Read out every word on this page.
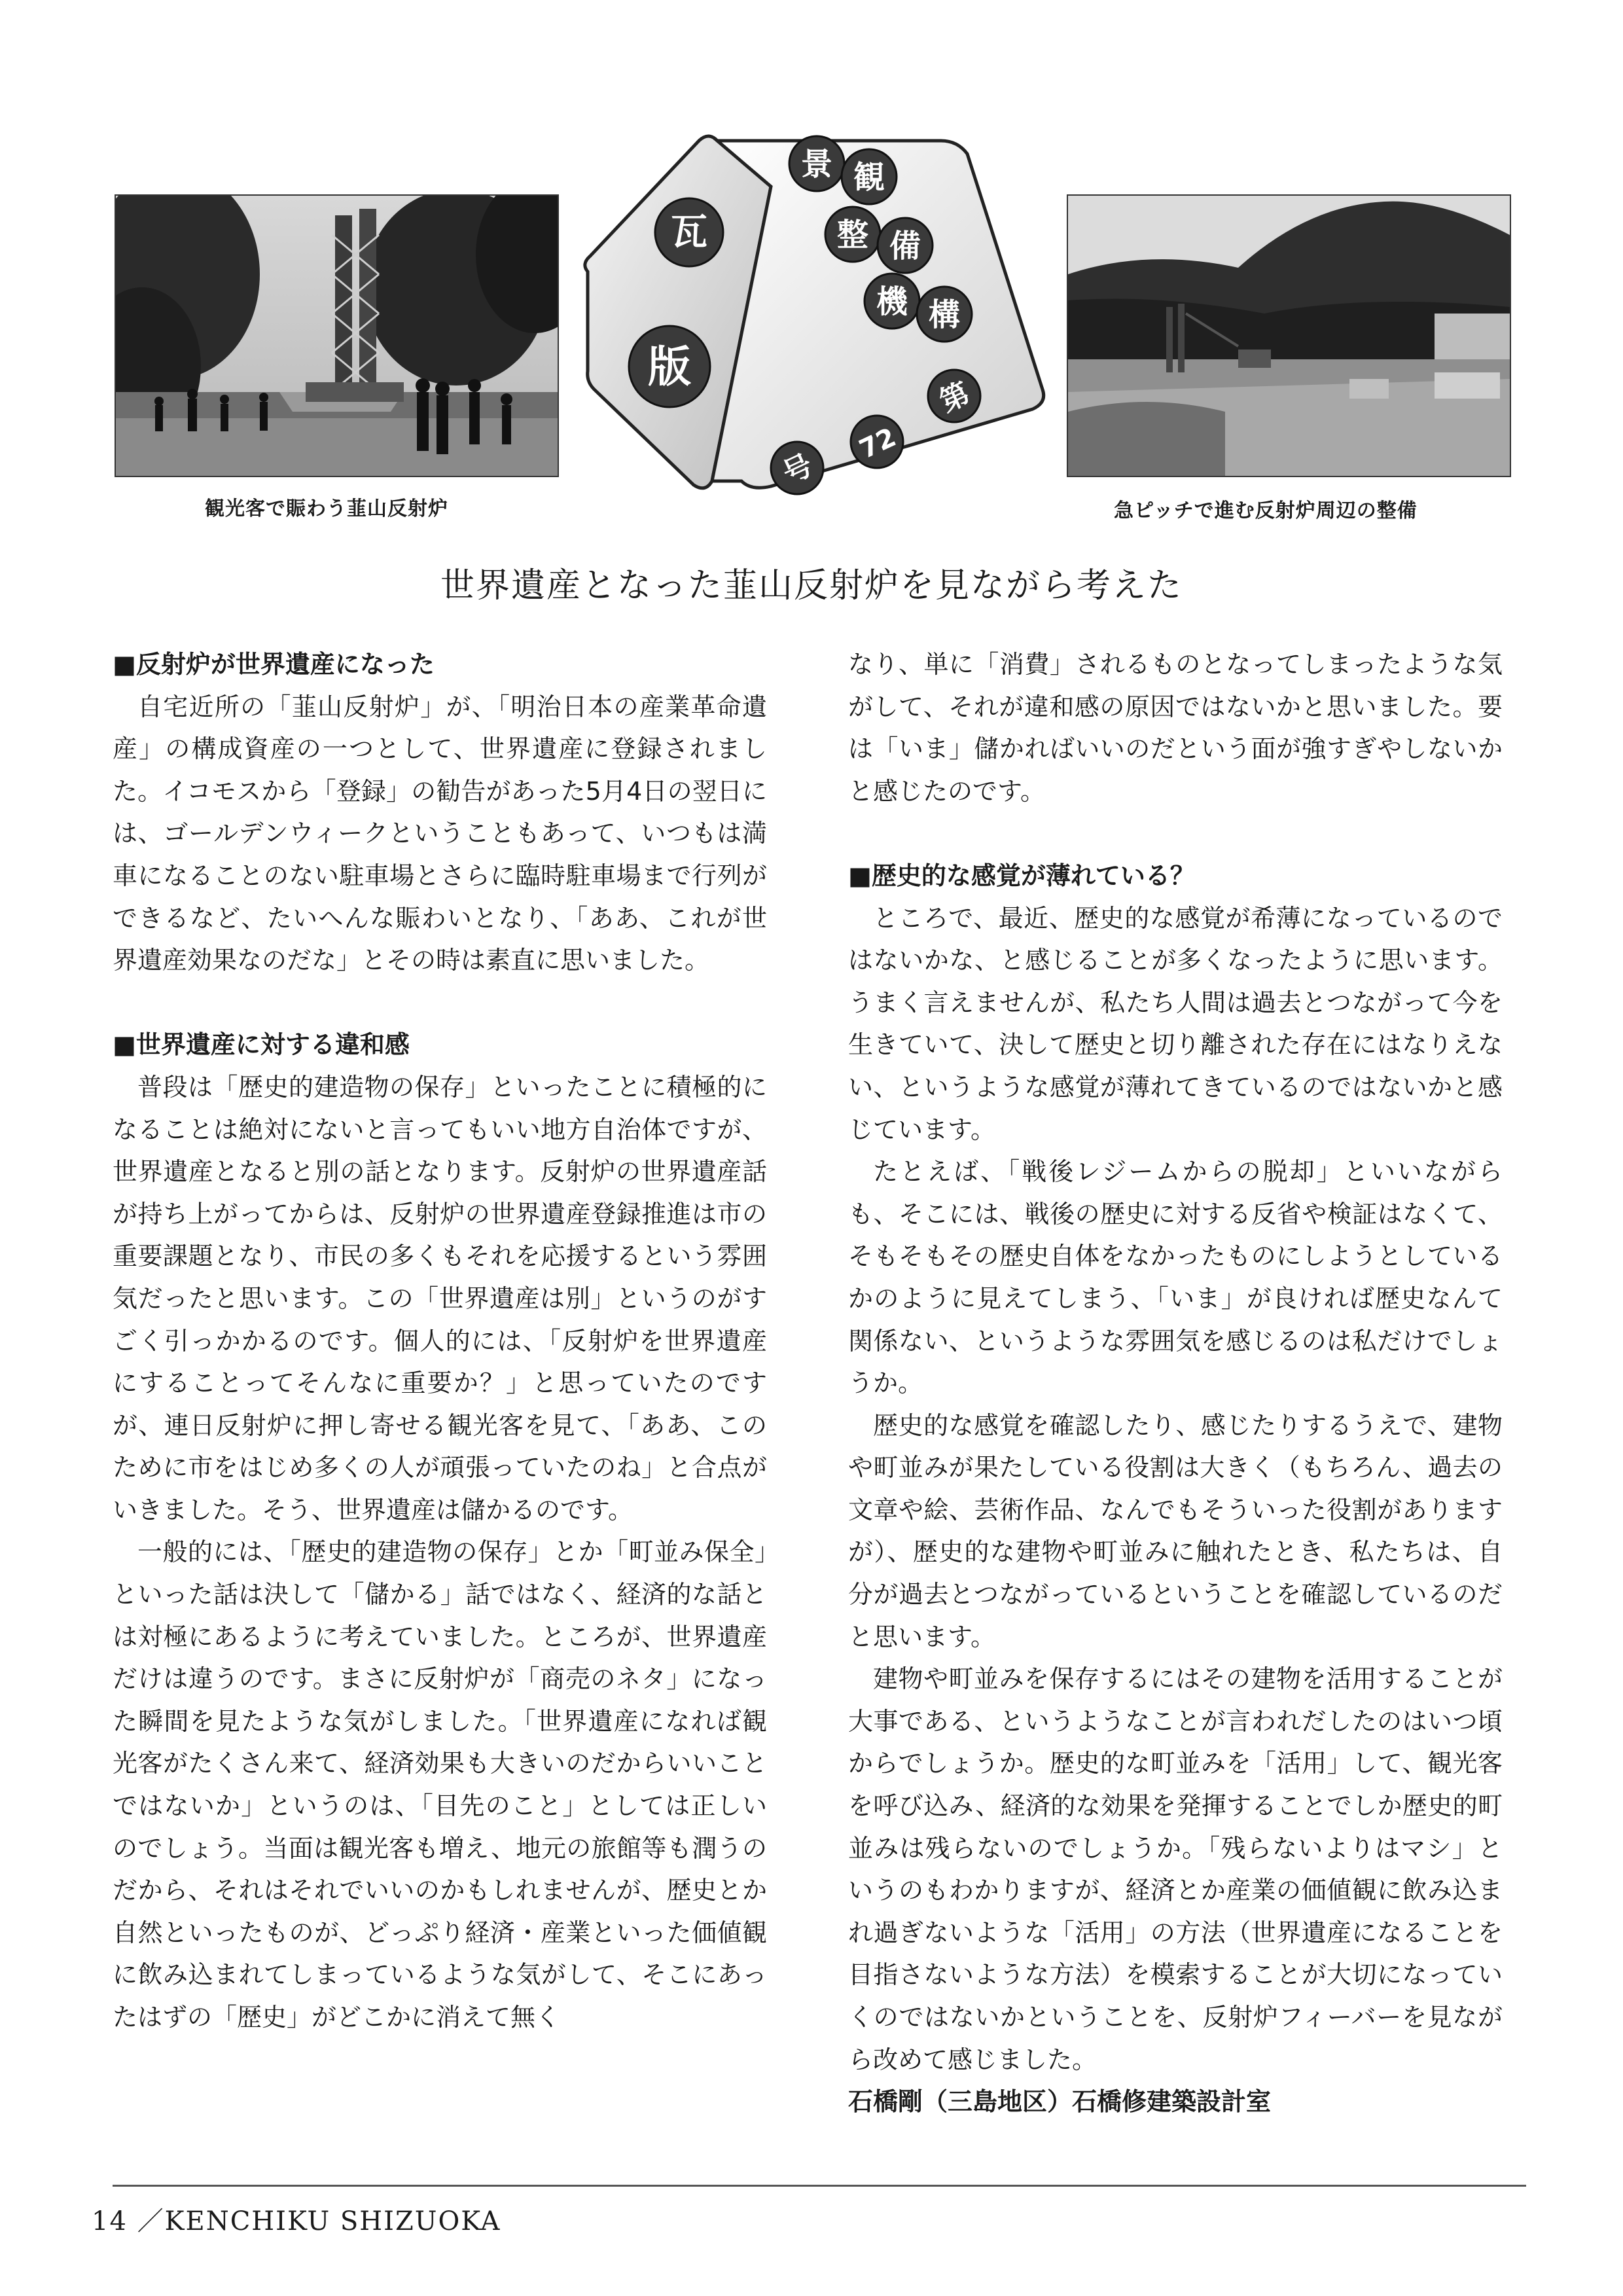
観光客で賑わう韮山反射炉
瓦
版
景 観
整 備
機 構
号
72
第
急ピッチで進む反射炉周辺の整備
世界遺産となった韮山反射炉を見ながら考えた
■反射炉が世界遺産になった

自宅近所の「韮山反射炉」が、「明治日本の産業革命遺産」の構成資産の一つとして、世界遺産に登録されました。イコモスから「登録」の勧告があった5月4日の翌日には、ゴールデンウィークということもあって、いつもは満車になることのない駐車場とさらに臨時駐車場まで行列ができるなど、たいへんな賑わいとなり、「ああ、これが世界遺産効果なのだな」とその時は素直に思いました。

■世界遺産に対する違和感

普段は「歴史的建造物の保存」といったことに積極的になることは絶対にないと言ってもいい地方自治体ですが、世界遺産となると別の話となります。反射炉の世界遺産話が持ち上がってからは、反射炉の世界遺産登録推進は市の重要課題となり、市民の多くもそれを応援するという雰囲気だったと思います。この「世界遺産は別」というのがすごく引っかかるのです。個人的には、「反射炉を世界遺産にすることってそんなに重要か？」と思っていたのですが、連日反射炉に押し寄せる観光客を見て、「ああ、このために市をはじめ多くの人が頑張っていたのね」と合点がいきました。そう、世界遺産は儲かるのです。

一般的には、「歴史的建造物の保存」とか「町並み保全」といった話は決して「儲かる」話ではなく、経済的な話とは対極にあるように考えていました。ところが、世界遺産だけは違うのです。まさに反射炉が「商売のネタ」になった瞬間を見たような気がしました。「世界遺産になれば観光客がたくさん来て、経済効果も大きいのだからいいことではないか」というのは、「目先のこと」としては正しいのでしょう。当面は観光客も増え、地元の旅館等も潤うのだから、それはそれでいいのかもしれませんが、歴史とか自然といったものが、どっぷり経済・産業といった価値観に飲み込まれてしまっているような気がして、そこにあったはずの「歴史」がどこかに消えて無く

なり、単に「消費」されるものとなってしまったような気がして、それが違和感の原因ではないかと思いました。要は「いま」儲かればいいのだという面が強すぎやしないかと感じたのです。

■歴史的な感覚が薄れている？

ところで、最近、歴史的な感覚が希薄になっているのではないかな、と感じることが多くなったように思います。うまく言えませんが、私たち人間は過去とつながって今を生きていて、決して歴史と切り離された存在にはなりえない、というような感覚が薄れてきているのではないかと感じています。

たとえば、「戦後レジームからの脱却」といいながらも、そこには、戦後の歴史に対する反省や検証はなくて、そもそもその歴史自体をなかったものにしようとしているかのように見えてしまう、「いま」が良ければ歴史なんて関係ない、というような雰囲気を感じるのは私だけでしょうか。

歴史的な感覚を確認したり、感じたりするうえで、建物や町並みが果たしている役割は大きく（もちろん、過去の文章や絵、芸術作品、なんでもそういった役割がありますが）、歴史的な建物や町並みに触れたとき、私たちは、自分が過去とつながっているということを確認しているのだと思います。

建物や町並みを保存するにはその建物を活用することが大事である、というようなことが言われだしたのはいつ頃からでしょうか。歴史的な町並みを「活用」して、観光客を呼び込み、経済的な効果を発揮することでしか歴史的町並みは残らないのでしょうか。「残らないよりはマシ」というのもわかりますが、経済とか産業の価値観に飲み込まれ過ぎないような「活用」の方法（世界遺産になることを目指さないような方法）を模索することが大切になっていくのではないかということを、反射炉フィーバーを見ながら改めて感じました。

石橋剛（三島地区）石橋修建築設計室

14 ／KENCHIKU SHIZUOKA
